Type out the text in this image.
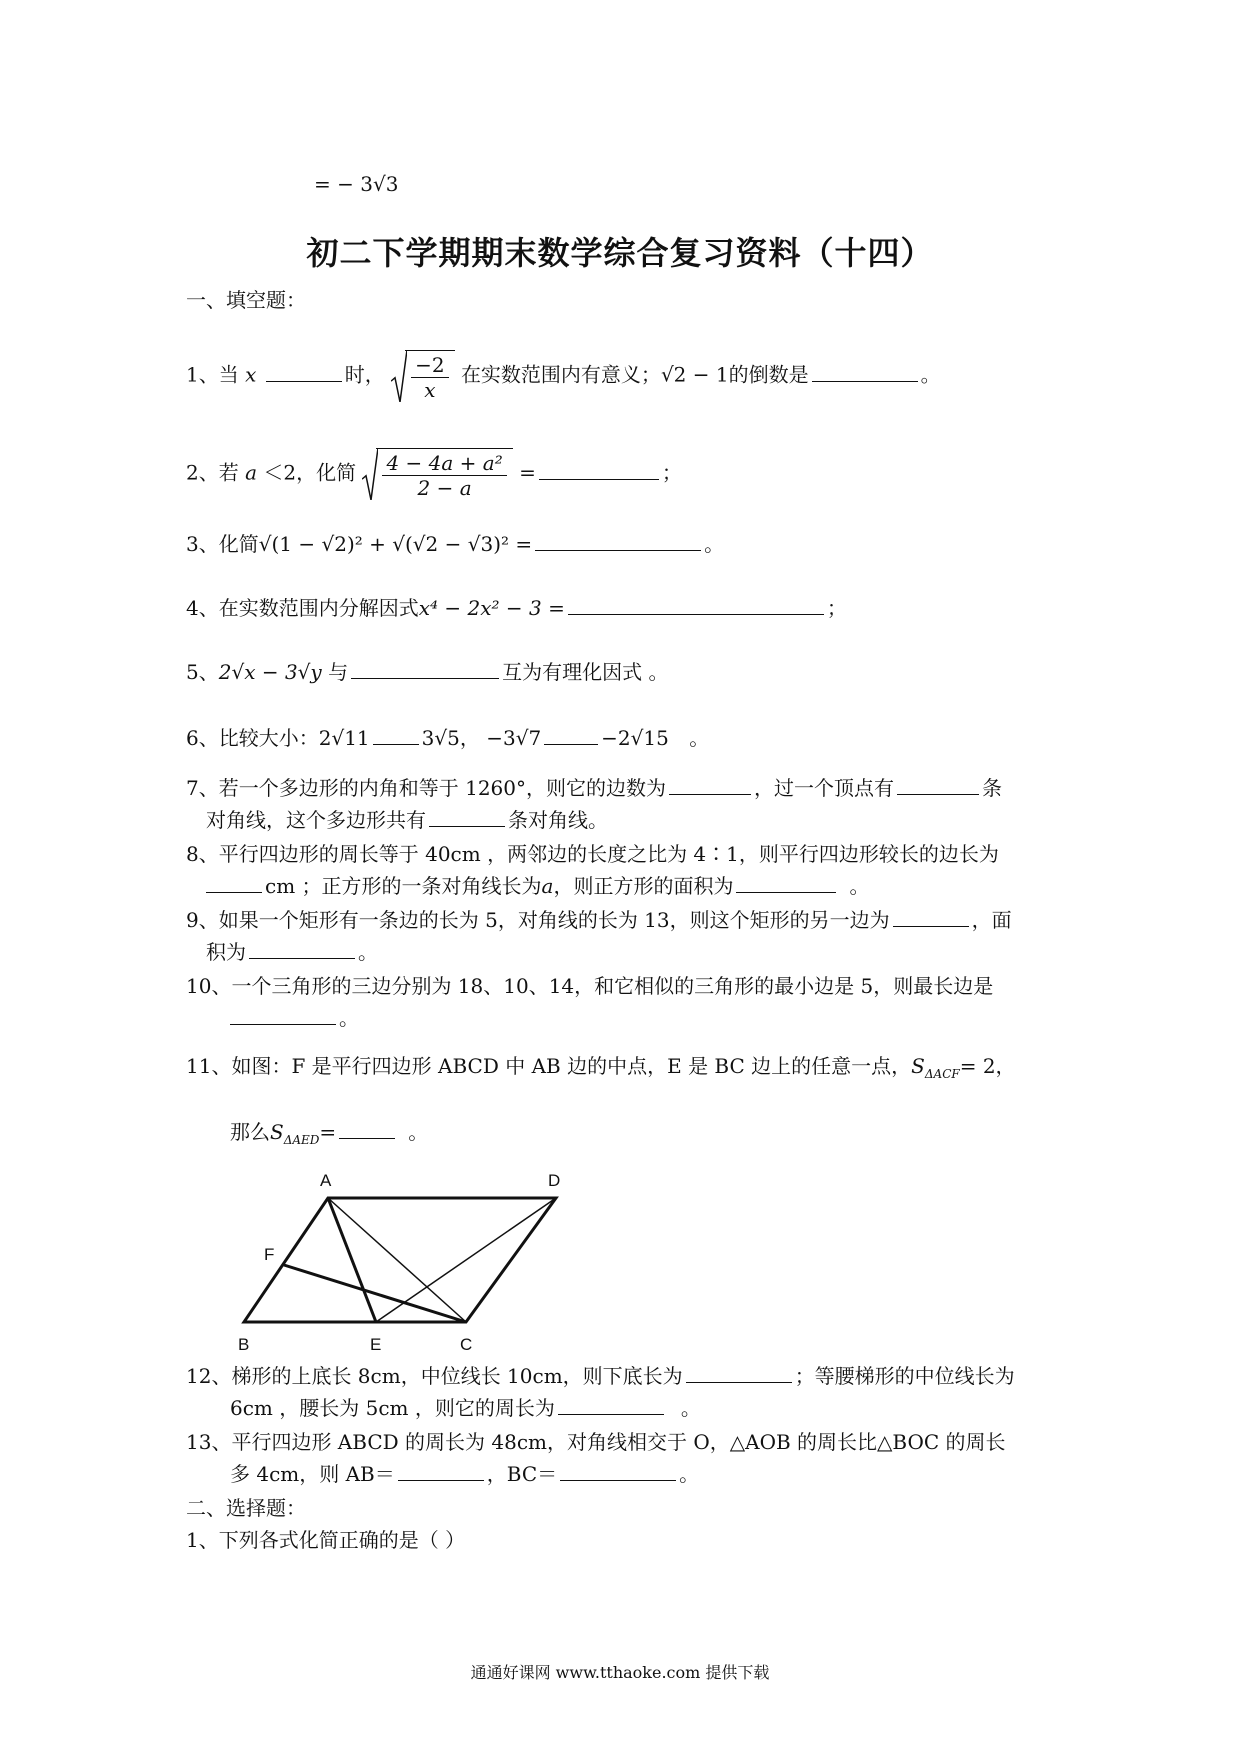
= − 3√3
初二下学期期末数学综合复习资料（十四）
一、填空题：
1、当 x	时， $\frac{-2}{x}$ 在实数范围内有意义；√2 − 1的倒数是	。
2、若 a ＜2，化简 $\frac{\text{4 − 4a + a²}}{2 - a}$ =	；
3、化简√(1 − √2)² + √(√2 − √3)² =	。
4、在实数范围内分解因式x⁴ − 2x² − 3 =	；
5、2√x − 3√y 与	互为有理化因式 。
6、比较大小：2√11	3√5， −3√7	−2√15 。
7、若一个多边形的内角和等于 1260°，则它的边数为	，过一个顶点有	条
对角线，这个多边形共有	条对角线。
8、平行四边形的周长等于 40cm ，两邻边的长度之比为 4∶1，则平行四边形较长的边长为
cm ；正方形的一条对角线长为a，则正方形的面积为	。
9、如果一个矩形有一条边的长为 5，对角线的长为 13，则这个矩形的另一边为	，面
积为	。
10、一个三角形的三边分别为 18、10、14，和它相似的三角形的最小边是 5，则最长边是
。
11、如图：F 是平行四边形 ABCD 中 AB 边的中点，E 是 BC 边上的任意一点，$S_{\Delta ACF}= 2$，
那么$S_{\Delta AED}=$	。
A	D
F
B	E	C
12、梯形的上底长 8cm，中位线长 10cm，则下底长为	；等腰梯形的中位线长为
6cm ，腰长为 5cm ，则它的周长为	。
13、平行四边形 ABCD 的周长为 48cm，对角线相交于 O，△AOB 的周长比△BOC 的周长
多 4cm，则 AB＝	，BC＝	。
二、选择题：
1、下列各式化简正确的是（ ）
通通好课网 www.tthaoke.com 提供下载
